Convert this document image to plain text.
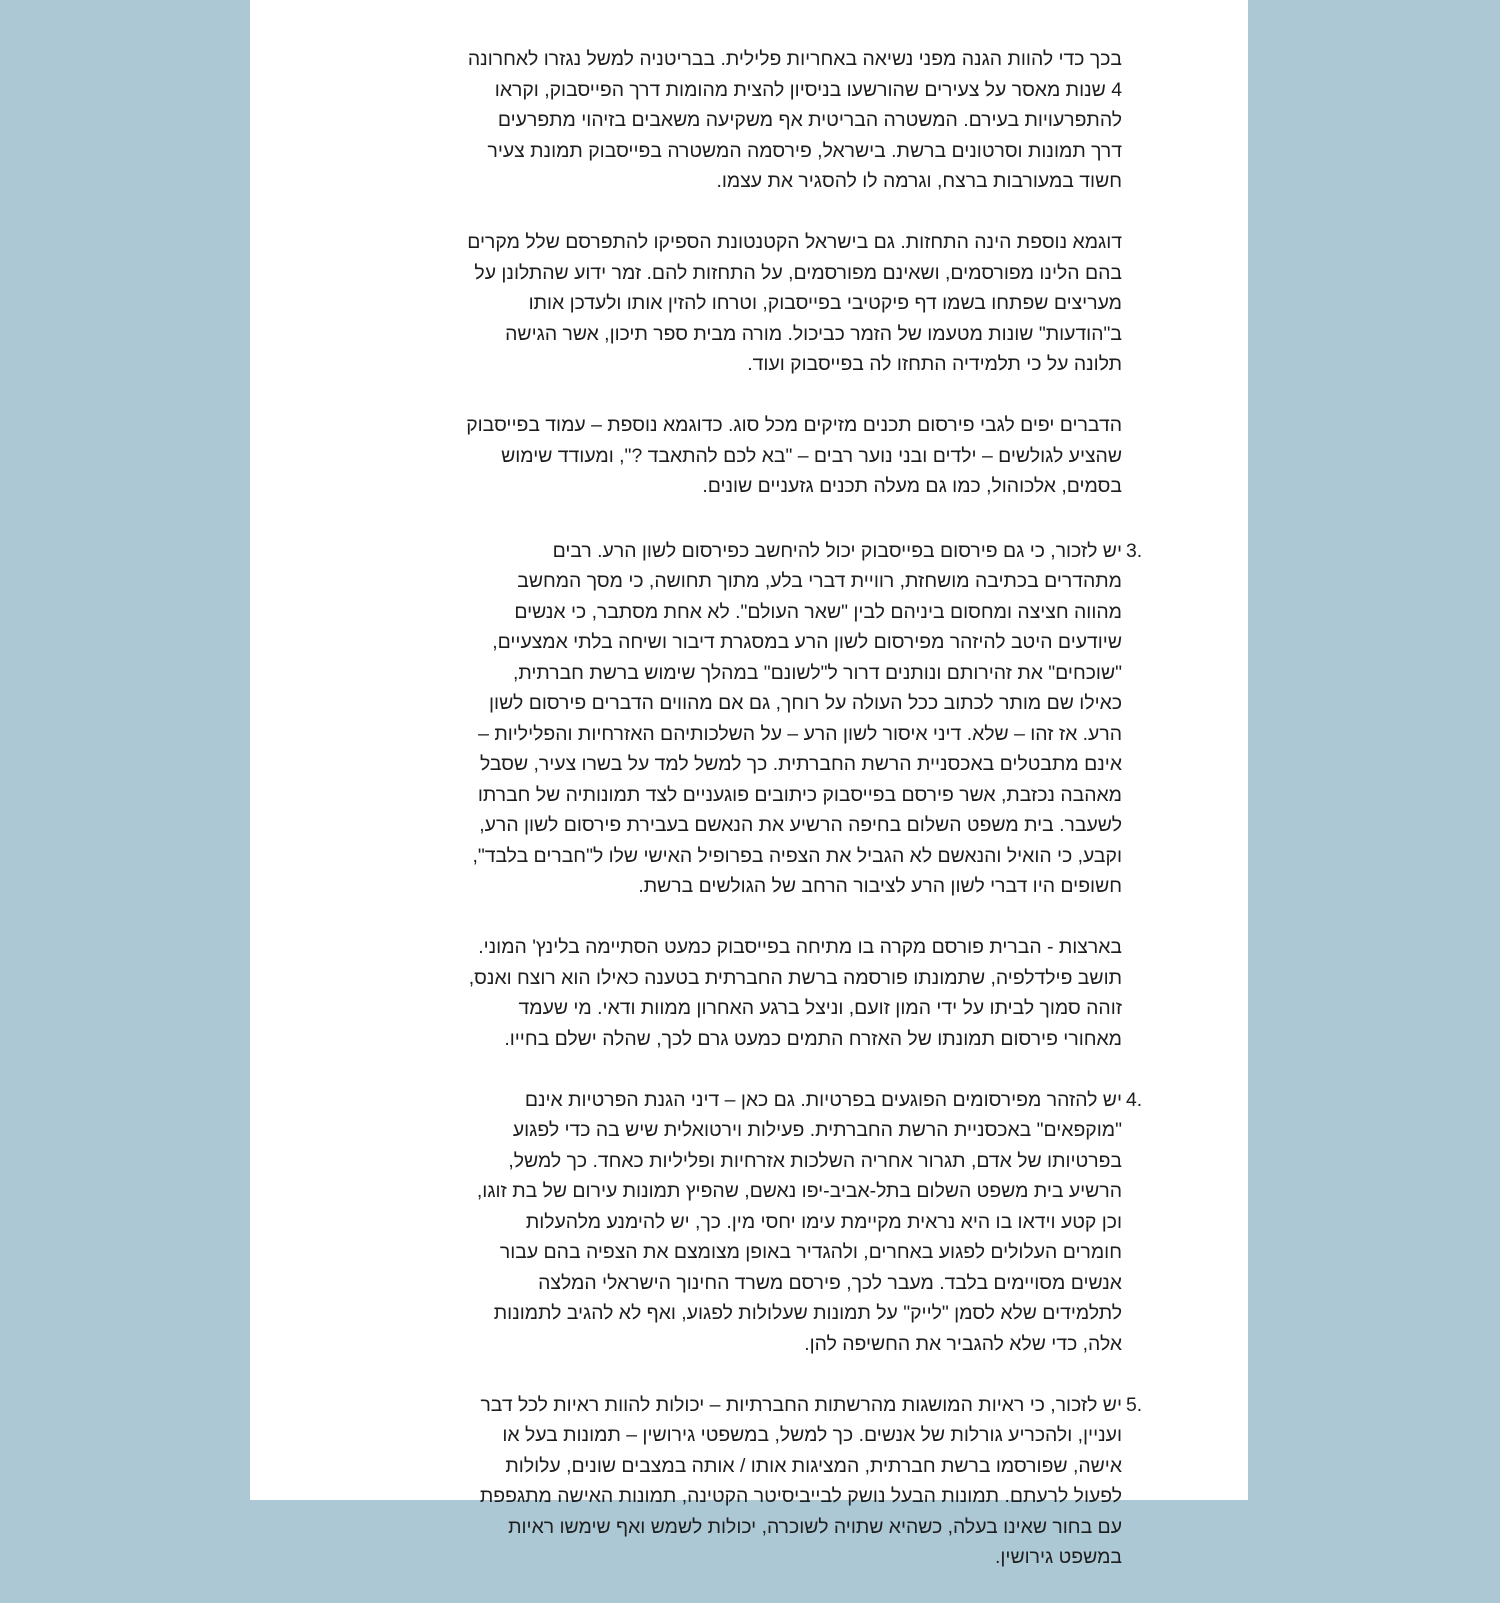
בכך כדי להוות הגנה מפני נשיאה באחריות פלילית. בבריטניה למשל נגזרו לאחרונה
4 שנות מאסר על צעירים שהורשעו בניסיון להצית מהומות דרך הפייסבוק, וקראו
להתפרעויות בעירם. המשטרה הבריטית אף משקיעה משאבים בזיהוי מתפרעים
דרך תמונות וסרטונים ברשת. בישראל, פירסמה המשטרה בפייסבוק תמונת צעיר
חשוד במעורבות ברצח, וגרמה לו להסגיר את עצמו.

דוגמא נוספת הינה התחזות. גם בישראל הקטנטונת הספיקו להתפרסם שלל מקרים
בהם הלינו מפורסמים, ושאינם מפורסמים, על התחזות להם. זמר ידוע שהתלונן על
מעריצים שפתחו בשמו דף פיקטיבי בפייסבוק, וטרחו להזין אותו ולעדכן אותו
ב"הודעות" שונות מטעמו של הזמר כביכול. מורה מבית ספר תיכון, אשר הגישה
תלונה על כי תלמידיה התחזו לה בפייסבוק ועוד.

הדברים יפים לגבי פירסום תכנים מזיקים מכל סוג. כדוגמא נוספת – עמוד בפייסבוק
שהציע לגולשים – ילדים ובני נוער רבים – "בא לכם להתאבד ?", ומעודד שימוש
בסמים, אלכוהול, כמו גם מעלה תכנים גזעניים שונים.

3.

יש לזכור, כי גם פירסום בפייסבוק יכול להיחשב כפירסום לשון הרע. רבים
מתהדרים בכתיבה מושחזת, רוויית דברי בלע, מתוך תחושה, כי מסך המחשב
מהווה חציצה ומחסום ביניהם לבין "שאר העולם". לא אחת מסתבר, כי אנשים
שיודעים היטב להיזהר מפירסום לשון הרע במסגרת דיבור ושיחה בלתי אמצעיים,
"שוכחים" את זהירותם ונותנים דרור ל"לשונם" במהלך שימוש ברשת חברתית,
כאילו שם מותר לכתוב ככל העולה על רוחך, גם אם מהווים הדברים פירסום לשון
הרע. אז זהו – שלא. דיני איסור לשון הרע – על השלכותיהם האזרחיות והפליליות –
אינם מתבטלים באכסניית הרשת החברתית. כך למשל למד על בשרו צעיר, שסבל
מאהבה נכזבת, אשר פירסם בפייסבוק כיתובים פוגעניים לצד תמונותיה של חברתו
לשעבר. בית משפט השלום בחיפה הרשיע את הנאשם בעבירת פירסום לשון הרע,
וקבע, כי הואיל והנאשם לא הגביל את הצפיה בפרופיל האישי שלו ל"חברים בלבד",
חשופים היו דברי לשון הרע לציבור הרחב של הגולשים ברשת.

בארצות - הברית פורסם מקרה בו מתיחה בפייסבוק כמעט הסתיימה בלינץ' המוני.
תושב פילדלפיה, שתמונתו פורסמה ברשת החברתית בטענה כאילו הוא רוצח ואנס,
זוהה סמוך לביתו על ידי המון זועם, וניצל ברגע האחרון ממוות ודאי. מי שעמד
מאחורי פירסום תמונתו של האזרח התמים כמעט גרם לכך, שהלה ישלם בחייו.

4.

יש להזהר מפירסומים הפוגעים בפרטיות. גם כאן – דיני הגנת הפרטיות אינם
"מוקפאים" באכסניית הרשת החברתית. פעילות וירטואלית שיש בה כדי לפגוע
בפרטיותו של אדם, תגרור אחריה השלכות אזרחיות ופליליות כאחד. כך למשל,
הרשיע בית משפט השלום בתל-אביב-יפו נאשם, שהפיץ תמונות עירום של בת זוגו,
וכן קטע וידאו בו היא נראית מקיימת עימו יחסי מין. כך, יש להימנע מלהעלות
חומרים העלולים לפגוע באחרים, ולהגדיר באופן מצומצם את הצפיה בהם עבור
אנשים מסויימים בלבד. מעבר לכך, פירסם משרד החינוך הישראלי המלצה
לתלמידים שלא לסמן "לייק" על תמונות שעלולות לפגוע, ואף לא להגיב לתמונות
אלה, כדי שלא להגביר את החשיפה להן.

5.

יש לזכור, כי ראיות המושגות מהרשתות החברתיות – יכולות להוות ראיות לכל דבר
ועניין, ולהכריע גורלות של אנשים. כך למשל, במשפטי גירושין – תמונות בעל או
אישה, שפורסמו ברשת חברתית, המציגות אותו / אותה במצבים שונים, עלולות
לפעול לרעתם. תמונות הבעל נושק לבייביסיטר הקטינה, תמונות האישה מתגפפת
עם בחור שאינו בעלה, כשהיא שתויה לשוכרה, יכולות לשמש ואף שימשו ראיות
במשפט גירושין.
